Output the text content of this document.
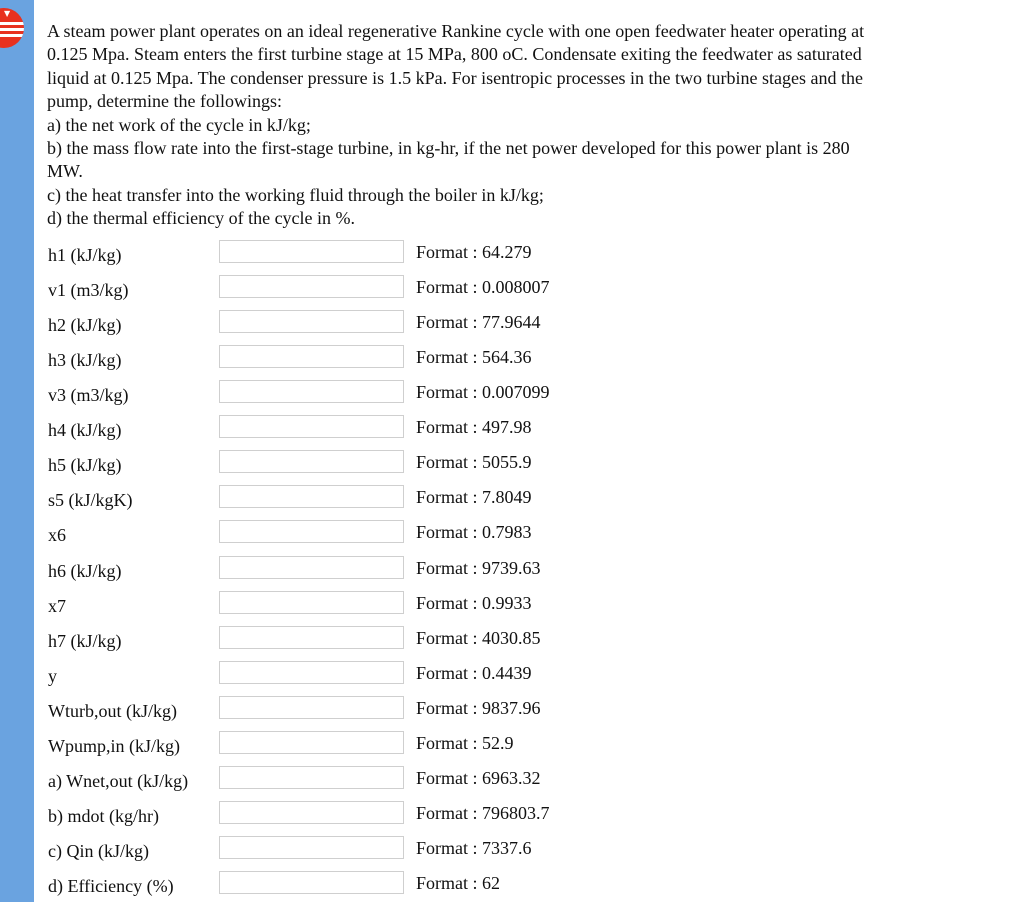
▼

A steam power plant operates on an ideal regenerative Rankine cycle with one open feedwater heater operating at

0.125 Mpa. Steam enters the first turbine stage at 15 MPa, 800 oC. Condensate exiting the feedwater as saturated

liquid at 0.125 Mpa. The condenser pressure is 1.5 kPa. For isentropic processes in the two turbine stages and the

pump, determine the followings:

a) the net work of the cycle in kJ/kg;

b) the mass flow rate into the first-stage turbine, in kg-hr, if the net power developed for this power plant is 280

MW.

c) the heat transfer into the working fluid through the boiler in kJ/kg;

d) the thermal efficiency of the cycle in %.

h1 (kJ/kg)	Format : 64.279
v1 (m3/kg)	Format : 0.008007
h2 (kJ/kg)	Format : 77.9644
h3 (kJ/kg)	Format : 564.36
v3 (m3/kg)	Format : 0.007099
h4 (kJ/kg)	Format : 497.98
h5 (kJ/kg)	Format : 5055.9
s5 (kJ/kgK)	Format : 7.8049
x6	Format : 0.7983
h6 (kJ/kg)	Format : 9739.63
x7	Format : 0.9933
h7 (kJ/kg)	Format : 4030.85
y	Format : 0.4439
Wturb,out (kJ/kg)	Format : 9837.96
Wpump,in (kJ/kg)	Format : 52.9
a) Wnet,out (kJ/kg)	Format : 6963.32
b) mdot (kg/hr)	Format : 796803.7
c) Qin (kJ/kg)	Format : 7337.6
d) Efficiency (%)	Format : 62
